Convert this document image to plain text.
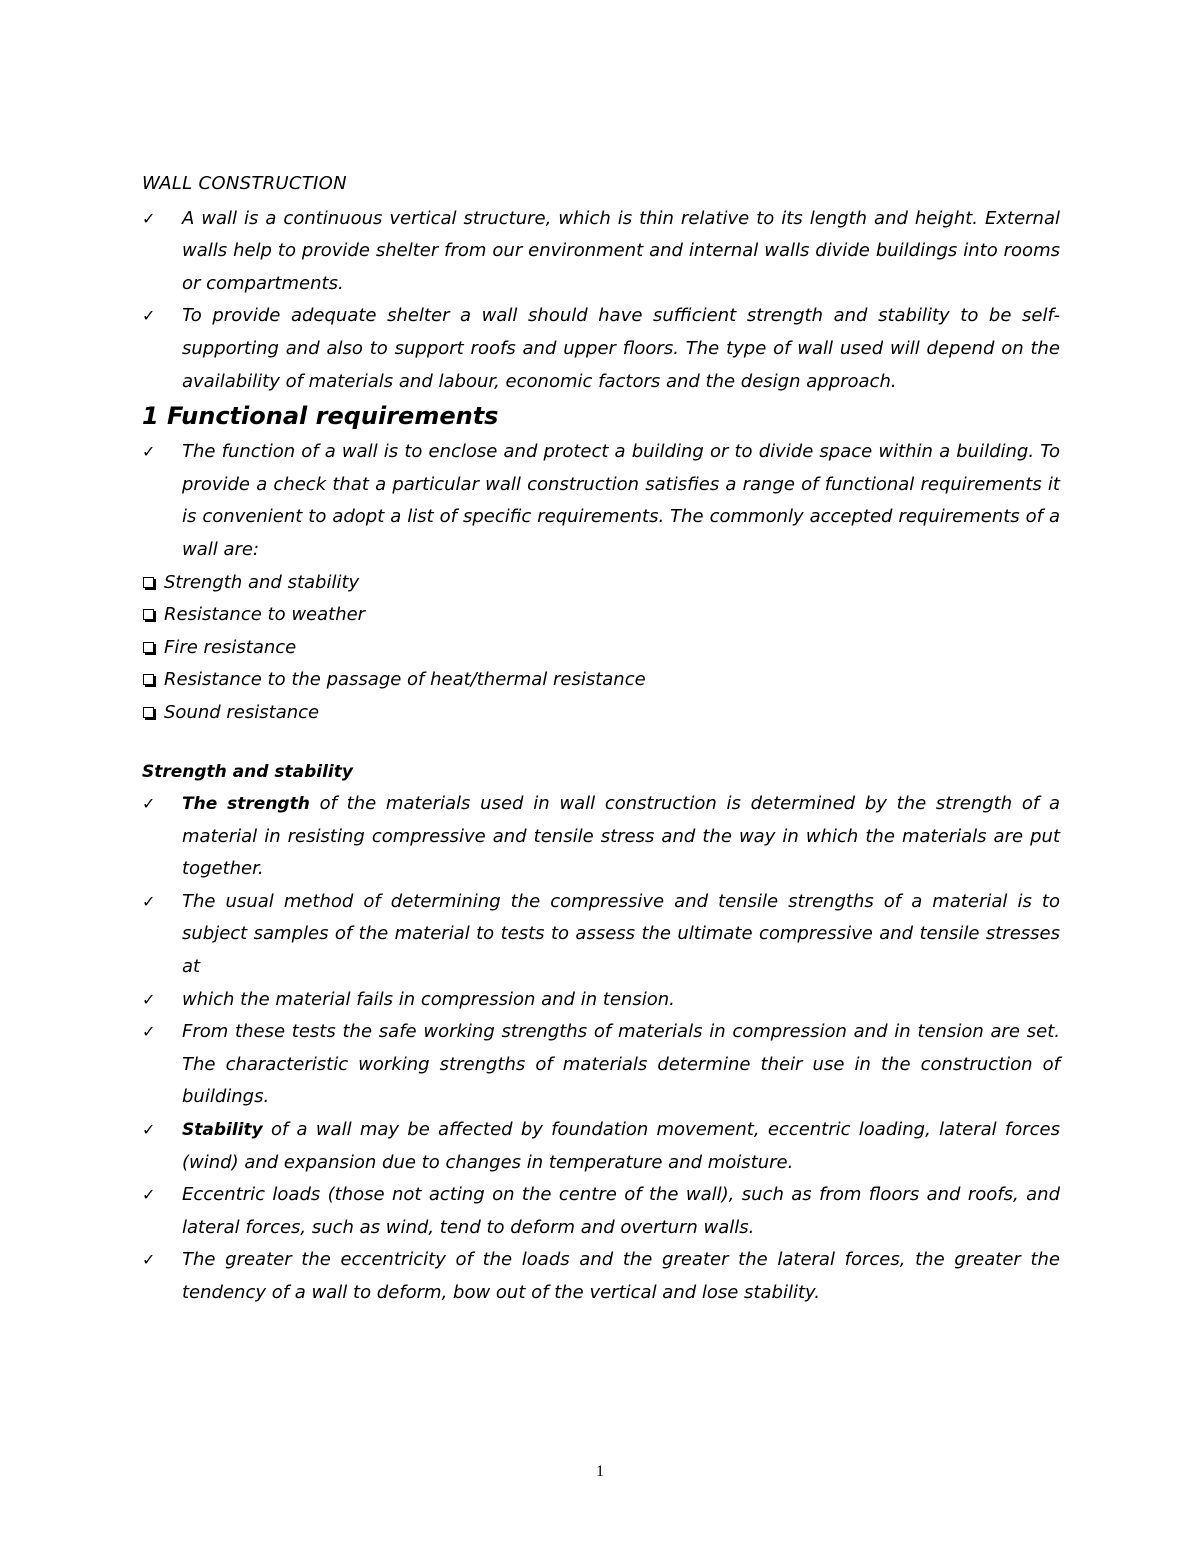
WALL CONSTRUCTION
✓ A wall is a continuous vertical structure, which is thin relative to its length and height. External walls help to provide shelter from our environment and internal walls divide buildings into rooms or compartments.
✓ To provide adequate shelter a wall should have sufficient strength and stability to be self-supporting and also to support roofs and upper floors. The type of wall used will depend on the availability of materials and labour, economic factors and the design approach.
1 Functional requirements
✓ The function of a wall is to enclose and protect a building or to divide space within a building. To provide a check that a particular wall construction satisfies a range of functional requirements it is convenient to adopt a list of specific requirements. The commonly accepted requirements of a wall are:
Strength and stability
Resistance to weather
Fire resistance
Resistance to the passage of heat/thermal resistance
Sound resistance
Strength and stability
✓ The strength of the materials used in wall construction is determined by the strength of a material in resisting compressive and tensile stress and the way in which the materials are put together.
✓ The usual method of determining the compressive and tensile strengths of a material is to subject samples of the material to tests to assess the ultimate compressive and tensile stresses at
✓ which the material fails in compression and in tension.
✓ From these tests the safe working strengths of materials in compression and in tension are set. The characteristic working strengths of materials determine their use in the construction of buildings.
✓ Stability of a wall may be affected by foundation movement, eccentric loading, lateral forces (wind) and expansion due to changes in temperature and moisture.
✓ Eccentric loads (those not acting on the centre of the wall), such as from floors and roofs, and lateral forces, such as wind, tend to deform and overturn walls.
✓ The greater the eccentricity of the loads and the greater the lateral forces, the greater the tendency of a wall to deform, bow out of the vertical and lose stability.
1
